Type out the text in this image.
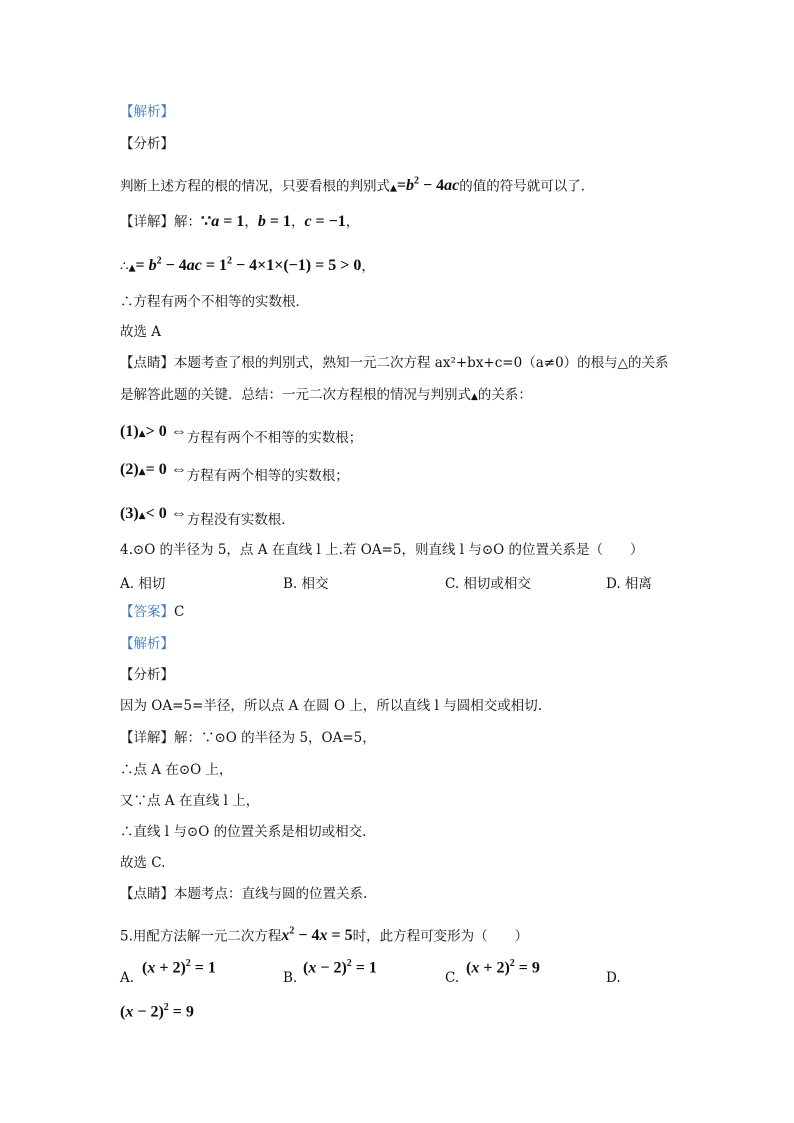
【解析】
【分析】
判断上述方程的根的情况，只要看根的判别式$▲=b^2 - 4ac$的值的符号就可以了．
【详解】解：∵a = 1，b = 1，c = −1，
∴▲= $b^2 - 4ac = 1^2 - 4\times 1\times(-1) = 5 > 0$，
∴方程有两个不相等的实数根．
故选 A
【点睛】本题考查了根的判别式，熟知一元二次方程 ax²+bx+c=0（a≠0）的根与△的关系
是解答此题的关键．总结：一元二次方程根的情况与判别式▲的关系：
(1)▲> 0 ⇔方程有两个不相等的实数根；
(2)▲= 0 ⇔方程有两个相等的实数根；
(3)▲< 0 ⇔方程没有实数根．
4.⊙O 的半径为 5，点 A 在直线 l 上.若 OA=5，则直线 l 与⊙O 的位置关系是（　　）
A. 相切	B. 相交	C. 相切或相交	D. 相离
【答案】C
【解析】
【分析】
因为 OA=5=半径，所以点 A 在圆 O 上，所以直线 l 与圆相交或相切.
【详解】解：∵⊙O 的半径为 5，OA=5，
∴点 A 在⊙O 上，
又∵点 A 在直线 l 上，
∴直线 l 与⊙O 的位置关系是相切或相交.
故选 C.
【点睛】本题考点：直线与圆的位置关系.
5.用配方法解一元二次方程$x^2 - 4x = 5$时，此方程可变形为（　　）
A.
$(x + 2)^2 = 1$
B.
$(x - 2)^2 = 1$
C.
$(x + 2)^2 = 9$
D.
$(x - 2)^2 = 9$
